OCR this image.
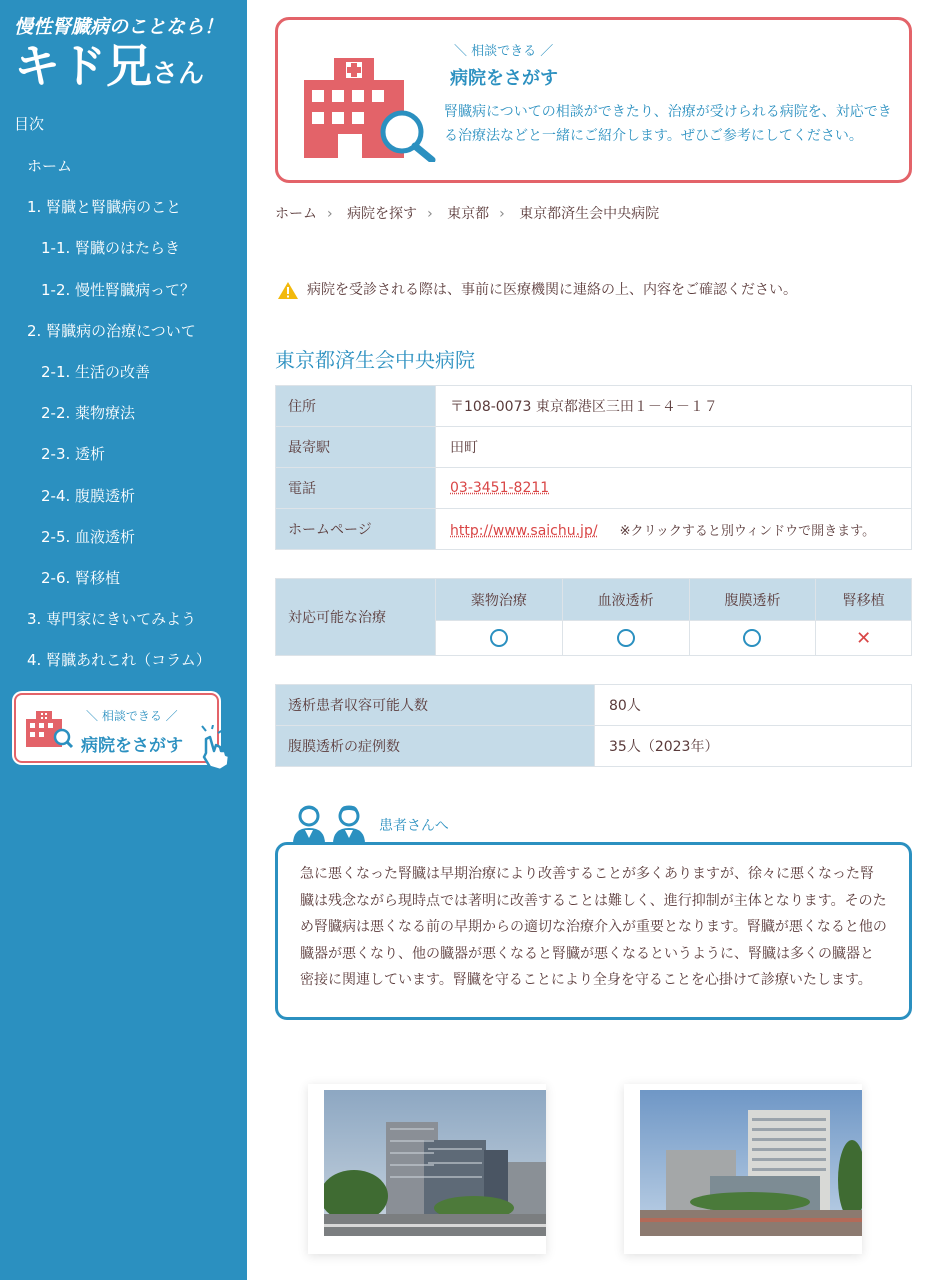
慢性腎臓病のことなら！
キド兄さん
目次
ホーム
1. 腎臓と腎臓病のこと
1-1. 腎臓のはたらき
1-2. 慢性腎臓病って？
2. 腎臓病の治療について
2-1. 生活の改善
2-2. 薬物療法
2-3. 透析
2-4. 腹膜透析
2-5. 血液透析
2-6. 腎移植
3. 専門家にきいてみよう
4. 腎臓あれこれ（コラム）
＼ 相談できる ／
病院をさがす
＼ 相談できる ／
病院をさがす
腎臓病についての相談ができたり、治療が受けられる病院を、対応できる治療法などと一緒にご紹介します。ぜひご参考にしてください。
ホーム › 病院を探す › 東京都 › 東京都済生会中央病院
病院を受診される際は、事前に医療機関に連絡の上、内容をご確認ください。
東京都済生会中央病院
住所	〒108-0073 東京都港区三田１－４－１７
最寄駅	田町
電話	03-3451-8211
ホームページ	http://www.saichu.jp/ ※クリックすると別ウィンドウで開きます。
対応可能な治療	薬物治療	血液透析	腹膜透析	腎移植
				✕
透析患者収容可能人数	80人
腹膜透析の症例数	35人（2023年）
患者さんへ
急に悪くなった腎臓は早期治療により改善することが多くありますが、徐々に悪くなった腎臓は残念ながら現時点では著明に改善することは難しく、進行抑制が主体となります。そのため腎臓病は悪くなる前の早期からの適切な治療介入が重要となります。腎臓が悪くなると他の臓器が悪くなり、他の臓器が悪くなると腎臓が悪くなるというように、腎臓は多くの臓器と密接に関連しています。腎臓を守ることにより全身を守ることを心掛けて診療いたします。
